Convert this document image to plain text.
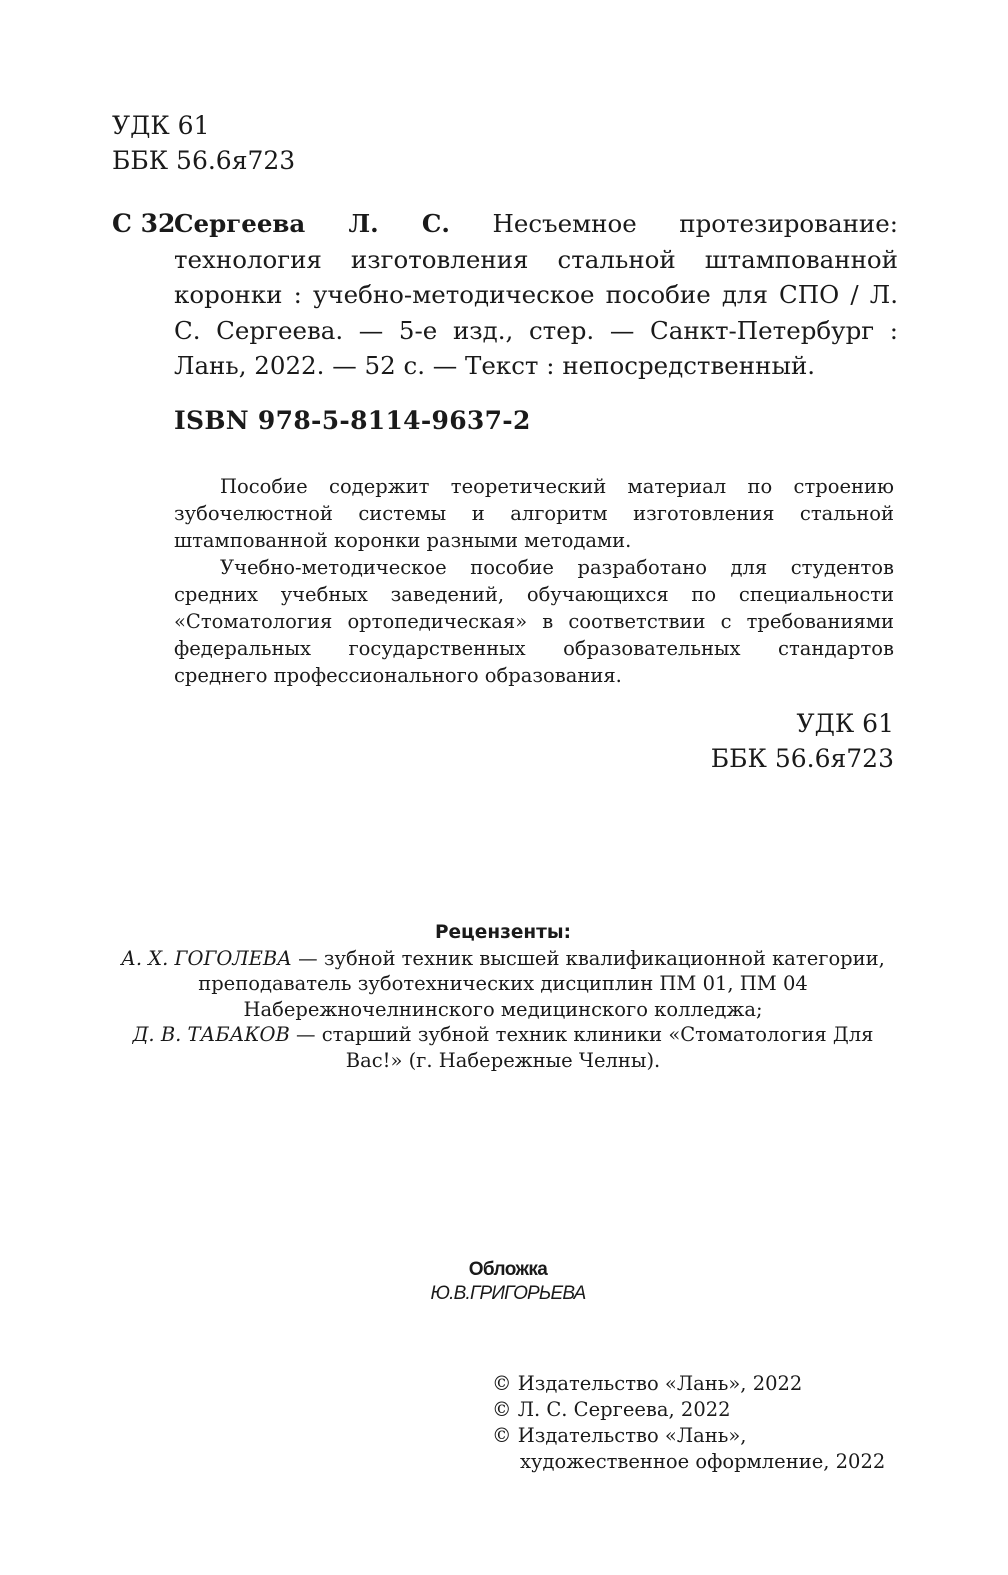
УДК 61
ББК 56.6я723
С 32
Сергеева Л. С. Несъемное протезирование: технология изготовления стальной штампованной коронки : учебно-методическое пособие для СПО / Л. С. Сергеева. — 5-е изд., стер. — Санкт-Петербург : Лань, 2022. — 52 с. — Текст : непосредственный.
ISBN 978-5-8114-9637-2

Пособие содержит теоретический материал по строению зубочелюстной системы и алгоритм изготовления стальной штампованной коронки разными методами.

Учебно-методическое пособие разработано для студентов средних учебных заведений, обучающихся по специальности «Стоматология ортопедическая» в соответствии с требованиями федеральных государственных образовательных стандартов среднего профессионального образования.

УДК 61
ББК 56.6я723
Рецензенты:
А. Х. ГОГОЛЕВА — зубной техник высшей квалификационной категории, преподаватель зуботехнических дисциплин ПМ 01, ПМ 04 Набережночелнинского медицинского колледжа;
Д. В. ТАБАКОВ — старший зубной техник клиники «Стоматология Для Вас!» (г. Набережные Челны).
Обложка
Ю.В.ГРИГОРЬЕВА
© Издательство «Лань», 2022
© Л. С. Сергеева, 2022
© Издательство «Лань»,
художественное оформление, 2022
